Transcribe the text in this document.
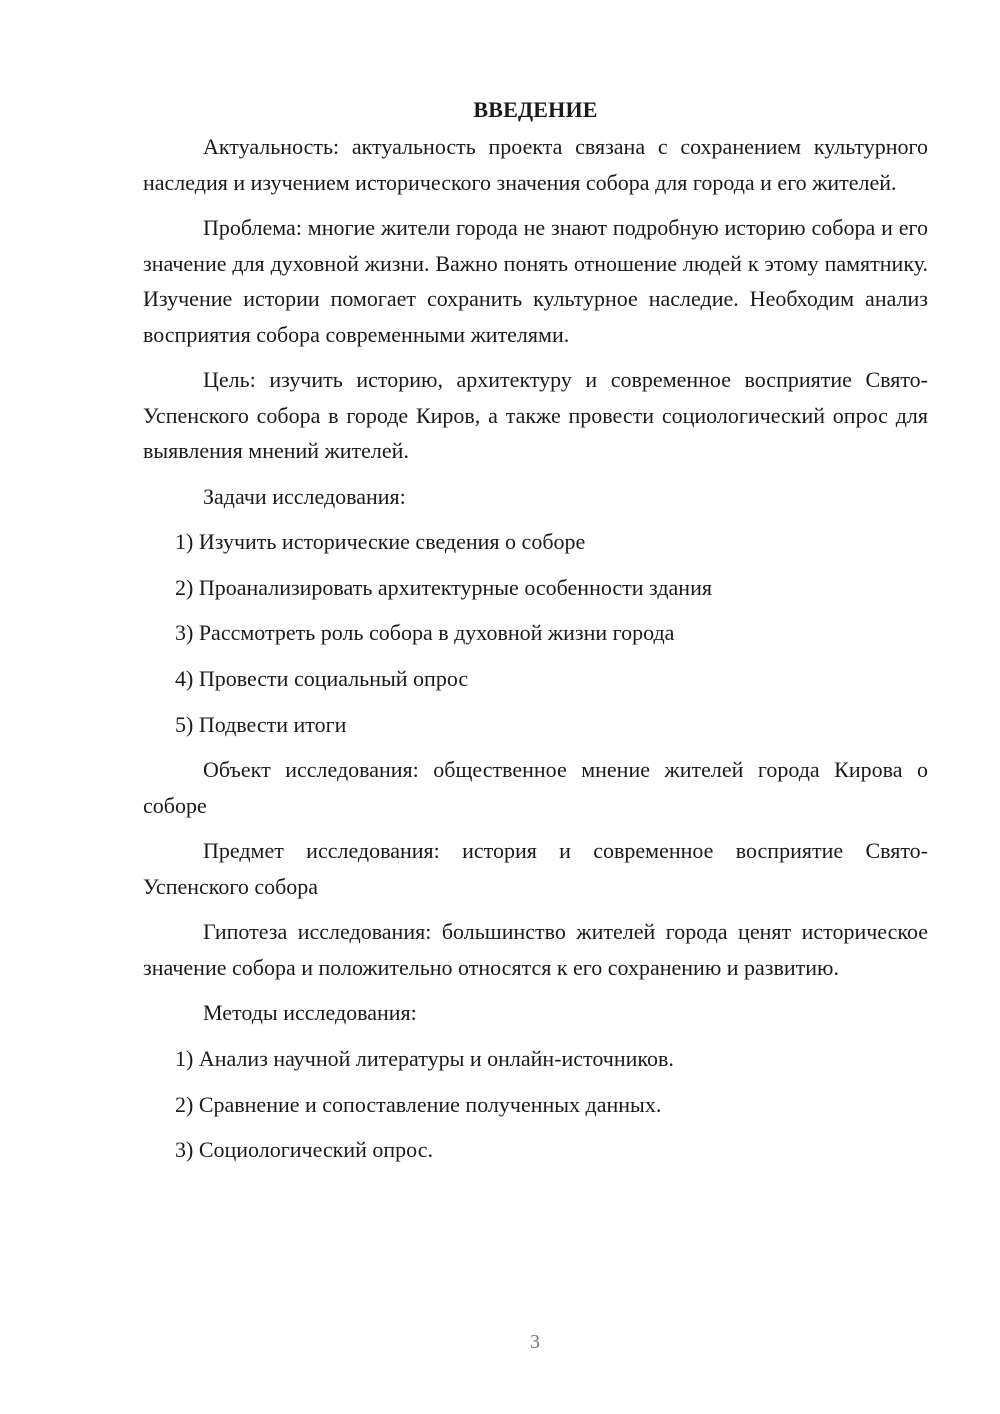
ВВЕДЕНИЕ

Актуальность: актуальность проекта связана с сохранением культурного наследия и изучением исторического значения собора для города и его жителей.

Проблема: многие жители города не знают подробную историю собора и его значение для духовной жизни. Важно понять отношение людей к этому памятнику. Изучение истории помогает сохранить культурное наследие. Необходим анализ восприятия собора современными жителями.

Цель: изучить историю, архитектуру и современное восприятие Свято-Успенского собора в городе Киров, а также провести социологический опрос для выявления мнений жителей.

Задачи исследования:

1) Изучить исторические сведения о соборе
2) Проанализировать архитектурные особенности здания
3) Рассмотреть роль собора в духовной жизни города
4) Провести социальный опрос
5) Подвести итоги

Объект исследования: общественное мнение жителей города Кирова о соборе

Предмет исследования: история и современное восприятие Свято-Успенского собора

Гипотеза исследования: большинство жителей города ценят историческое значение собора и положительно относятся к его сохранению и развитию.

Методы исследования:

1) Анализ научной литературы и онлайн-источников.
2) Сравнение и сопоставление полученных данных.
3) Социологический опрос.
3
